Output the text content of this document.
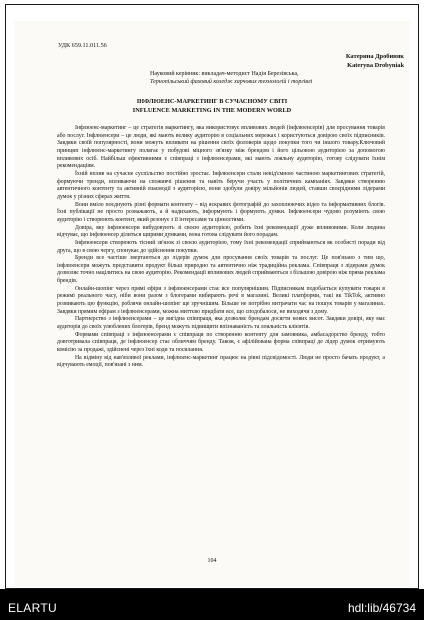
УДК 659.11.011.56
Катерина Дробиняк
Kateryna Drobyniak
Науковий керівник: викладач-методист Надія Березівська,
Тернопільський фаховий коледж харчових технологій і торгівлі
ІНФЛЮЕНС-МАРКЕТИНГ В СУЧАСНОМУ СВІТІ
INFLUENCE MARKETING IN THE MODERN WORLD

Інфлюенс-маркетинг – це стратегія маркетингу, яка використовує впливових людей (інфлюенсерів) для просування товарів або послуг. Інфлюенсери – це люди, які мають велику аудиторію в соціальних мережах і користуються довірою своїх підписників. Завдяки своїй популярності, вони можуть впливати на рішення своїх фоловерів щодо покупки того чи іншого товару.Ключовий принцип інфлюенс-маркетингу полягає у побудові міцного зв'язку між брендом і його цільовою аудиторією за допомогою впливових осіб. Найбільш ефективними є співпраці з інфлюенсерами, які мають лояльну аудиторію, готову слідувати їхнім рекомендаціям.

Їхній вплив на сучасне суспільство постійно зростає. Інфлюенсери стали невід'ємною частиною маркетингових стратегій, формуючи тренди, впливаючи на споживчі рішення та навіть беручи участь у політичних кампаніях. Завдяки створенню автентичного контенту та активній взаємодії з аудиторією, вони здобули довіру мільйонів людей, ставши своєрідними лідерами думок у різних сферах життя.

Вони вміло поєднують різні формати контенту – від яскравих фотографій до захоплюючих відео та інформативних блогів. Їхні публікації не просто розважають, а й надихають, інформують і формують думки. Інфлюенсери чудово розуміють свою аудиторію і створюють контент, який резонує з її інтересами та цінностями.

Довіра, яку інфлюенсери вибудовують зі своєю аудиторією, робить їхні рекомендації дуже впливовими. Коли людина відчуває, що інфлюенсер ділиться щирими думками, вона готова слідувати його порадам.

Інфлюенсери створюють тісний зв'язок зі своєю аудиторією, тому їхні рекомендації сприймаються як особисті поради від друга, що в свою чергу, спонукає до здійснення покупки.

Бренди все частіше звертаються до лідерів думок для просування своїх товарів та послуг. Це пов'язано з тим що, інфлюенсери можуть представити продукт більш природно та автентично ніж традиційна реклама. Співпраця з лідерами думок дозволяє точно націлитись на свою аудиторію. Рекомендації впливових людей сприймаються з більшою довірою ніж пряма реклама брендів.

Онлайн-шопінг через прямі ефіри з інфлюенсерами стає все популярнішим. Підписникам подобається купувати товари в режимі реального часу, ніби вони разом з блогерами вибирають речі в магазині. Великі платформи, такі як TikTok, активно розвивають цю функцію, роблячи онлайн-шопінг ще зручнішим. Більше не потрібно витрачати час на пошук товарів у магазинах. Завдяки прямим ефірам з інфлюенсерами, можна миттєво придбати все, що сподобалося, не виходячи з дому.

Партнерство з інфлюенсерами – це вигідна співпраця, яка дозволяє брендам досягти нових висот. Завдяки довірі, яку має аудиторія до своїх улюблених блогерів, бренд можуть підвищити впізнаваність та лояльність клієнтів.

Формами співпраці з інфлюенсерами є співпраця по створенню контенту для замовника, амбасадорство бренду, тобто довготривала співпраця, де інфлюенсер стає обличчям бренду. Також, є афілійована форма співпраці де лідер думок отримують комісію за продажі, здійснені через їхні коди та посилання.

На відміну від нав'язливої реклами, інфлюенс-маркетинг працює на рівні підсвідомості. Люди не просто бачать продукт, а відчувають емоції, пов'язані з ним.

104
ELARTU	hdl:lib/46734
